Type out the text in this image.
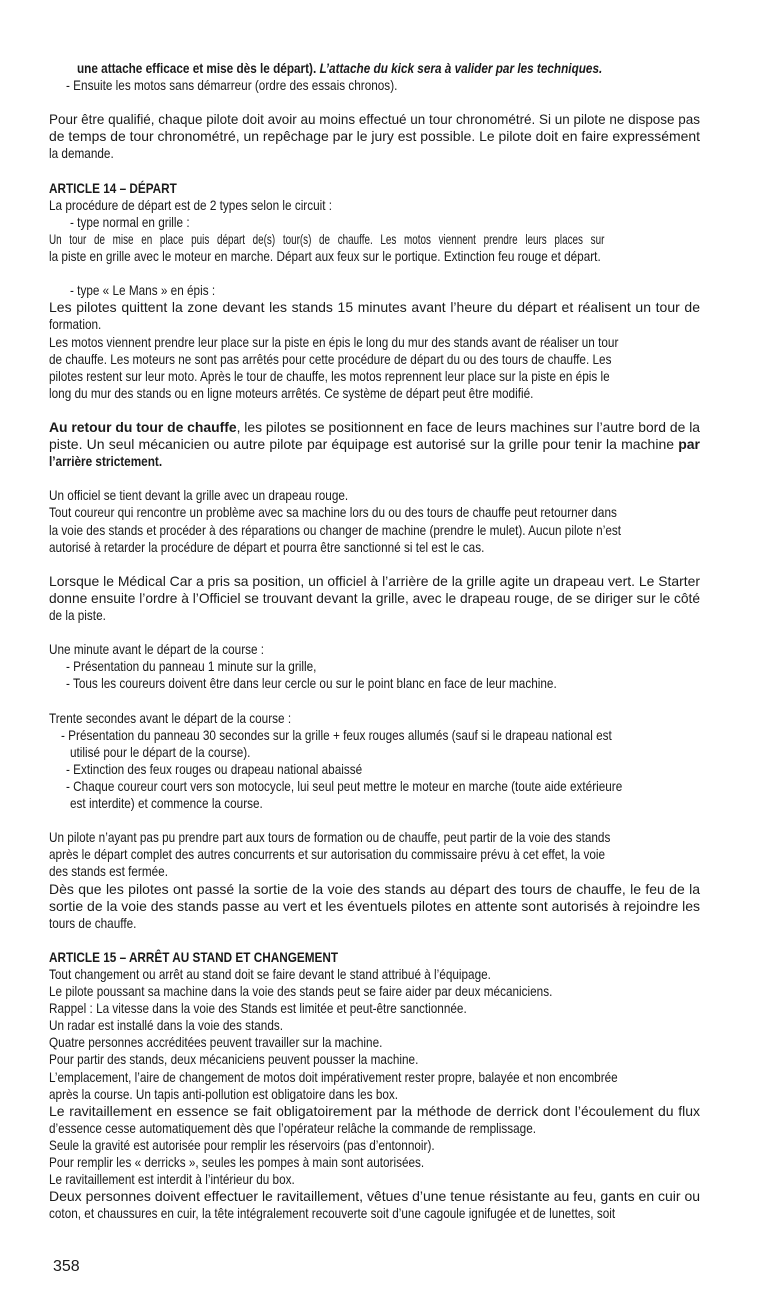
une attache efficace et mise dès le départ). L’attache du kick sera à valider par les techniques.
- Ensuite les motos sans démarreur (ordre des essais chronos).
Pour être qualifié, chaque pilote doit avoir au moins effectué un tour chronométré. Si un pilote ne dispose pas
de temps de tour chronométré, un repêchage par le jury est possible. Le pilote doit en faire expressément
la demande.
ARTICLE 14 – DÉPART
La procédure de départ est de 2 types selon le circuit :
- type normal en grille :
Un tour de mise en place puis départ de(s) tour(s) de chauffe. Les motos viennent prendre leurs places sur
la piste en grille avec le moteur en marche. Départ aux feux sur le portique. Extinction feu rouge et départ.
- type « Le Mans » en épis :
Les pilotes quittent la zone devant les stands 15 minutes avant l’heure du départ et réalisent un tour de
formation.
Les motos viennent prendre leur place sur la piste en épis le long du mur des stands avant de réaliser un tour
de chauffe. Les moteurs ne sont pas arrêtés pour cette procédure de départ du ou des tours de chauffe. Les
pilotes restent sur leur moto. Après le tour de chauffe, les motos reprennent leur place sur la piste en épis le
long du mur des stands ou en ligne moteurs arrêtés. Ce système de départ peut être modifié.
Au retour du tour de chauffe, les pilotes se positionnent en face de leurs machines sur l’autre bord de la
piste. Un seul mécanicien ou autre pilote par équipage est autorisé sur la grille pour tenir la machine par
l’arrière strictement.
Un officiel se tient devant la grille avec un drapeau rouge.
Tout coureur qui rencontre un problème avec sa machine lors du ou des tours de chauffe peut retourner dans
la voie des stands et procéder à des réparations ou changer de machine (prendre le mulet). Aucun pilote n’est
autorisé à retarder la procédure de départ et pourra être sanctionné si tel est le cas.
Lorsque le Médical Car a pris sa position, un officiel à l’arrière de la grille agite un drapeau vert. Le Starter
donne ensuite l’ordre à l’Officiel se trouvant devant la grille, avec le drapeau rouge, de se diriger sur le côté
de la piste.
Une minute avant le départ de la course :
- Présentation du panneau 1 minute sur la grille,
- Tous les coureurs doivent être dans leur cercle ou sur le point blanc en face de leur machine.
Trente secondes avant le départ de la course :
- Présentation du panneau 30 secondes sur la grille + feux rouges allumés (sauf si le drapeau national est
utilisé pour le départ de la course).
- Extinction des feux rouges ou drapeau national abaissé
- Chaque coureur court vers son motocycle, lui seul peut mettre le moteur en marche (toute aide extérieure
est interdite) et commence la course.
Un pilote n’ayant pas pu prendre part aux tours de formation ou de chauffe, peut partir de la voie des stands
après le départ complet des autres concurrents et sur autorisation du commissaire prévu à cet effet, la voie
des stands est fermée.
Dès que les pilotes ont passé la sortie de la voie des stands au départ des tours de chauffe, le feu de la
sortie de la voie des stands passe au vert et les éventuels pilotes en attente sont autorisés à rejoindre les
tours de chauffe.
ARTICLE 15 – ARRÊT AU STAND ET CHANGEMENT
Tout changement ou arrêt au stand doit se faire devant le stand attribué à l’équipage.
Le pilote poussant sa machine dans la voie des stands peut se faire aider par deux mécaniciens.
Rappel : La vitesse dans la voie des Stands est limitée et peut-être sanctionnée.
Un radar est installé dans la voie des stands.
Quatre personnes accréditées peuvent travailler sur la machine.
Pour partir des stands, deux mécaniciens peuvent pousser la machine.
L’emplacement, l’aire de changement de motos doit impérativement rester propre, balayée et non encombrée
après la course. Un tapis anti-pollution est obligatoire dans les box.
Le ravitaillement en essence se fait obligatoirement par la méthode de derrick dont l’écoulement du flux
d’essence cesse automatiquement dès que l’opérateur relâche la commande de remplissage.
Seule la gravité est autorisée pour remplir les réservoirs (pas d’entonnoir).
Pour remplir les « derricks », seules les pompes à main sont autorisées.
Le ravitaillement est interdit à l’intérieur du box.
Deux personnes doivent effectuer le ravitaillement, vêtues d’une tenue résistante au feu, gants en cuir ou
coton, et chaussures en cuir, la tête intégralement recouverte soit d’une cagoule ignifugée et de lunettes, soit
358
